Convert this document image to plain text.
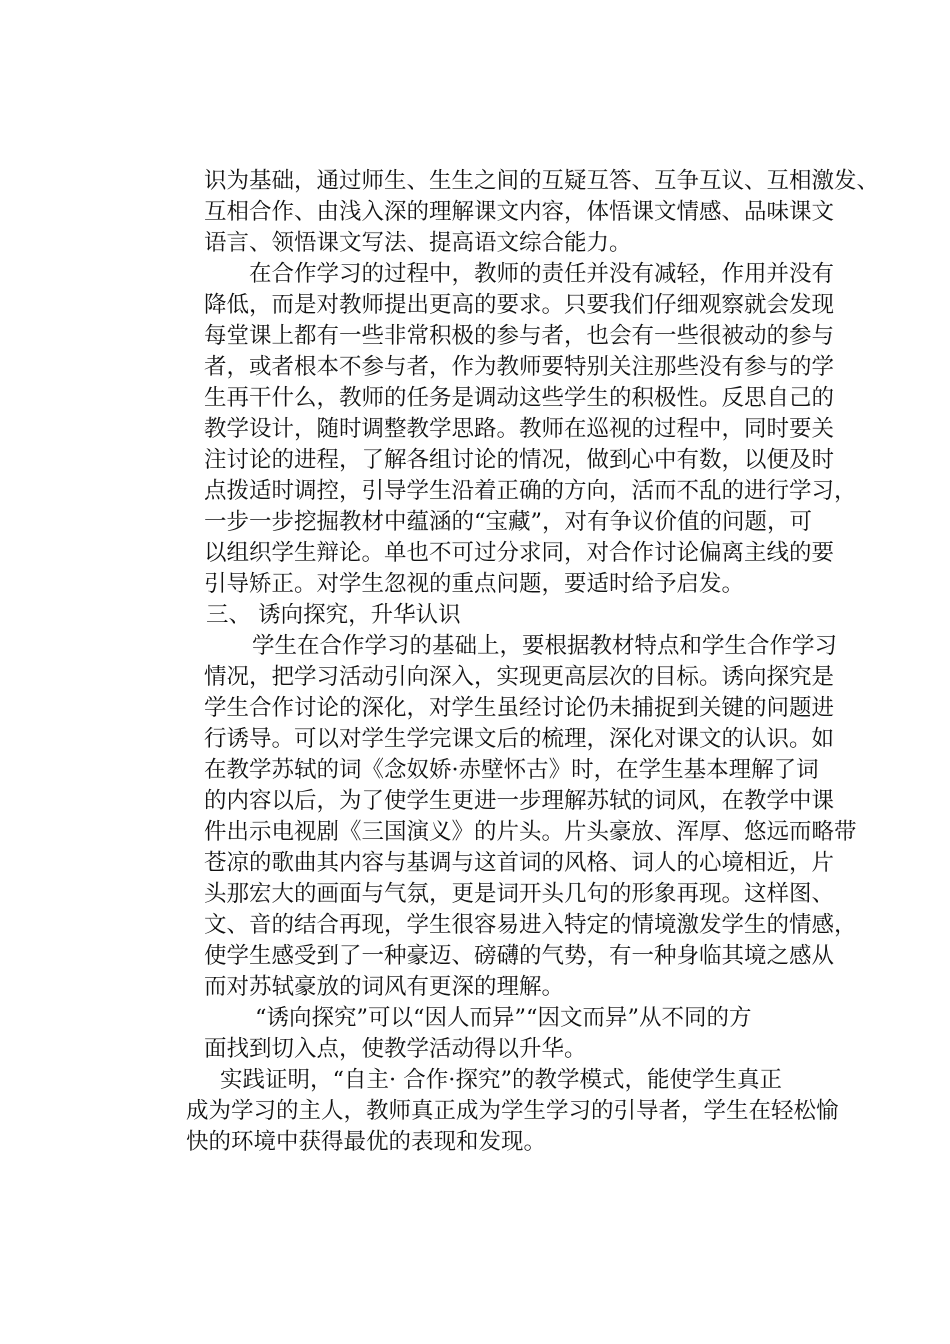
识为基础，通过师生、生生之间的互疑互答、互争互议、互相激发、
互相合作、由浅入深的理解课文内容，体悟课文情感、品味课文
语言、领悟课文写法、提高语文综合能力。
在合作学习的过程中，教师的责任并没有减轻，作用并没有
降低，而是对教师提出更高的要求。只要我们仔细观察就会发现
每堂课上都有一些非常积极的参与者，也会有一些很被动的参与
者，或者根本不参与者，作为教师要特别关注那些没有参与的学
生再干什么，教师的任务是调动这些学生的积极性。反思自己的
教学设计，随时调整教学思路。教师在巡视的过程中，同时要关
注讨论的进程，了解各组讨论的情况，做到心中有数，以便及时
点拨适时调控，引导学生沿着正确的方向，活而不乱的进行学习，
一步一步挖掘教材中蕴涵的“宝藏”，对有争议价值的问题，可
以组织学生辩论。单也不可过分求同，对合作讨论偏离主线的要
引导矫正。对学生忽视的重点问题，要适时给予启发。
三、 诱向探究，升华认识
学生在合作学习的基础上，要根据教材特点和学生合作学习
情况，把学习活动引向深入，实现更高层次的目标。诱向探究是
学生合作讨论的深化，对学生虽经讨论仍未捕捉到关键的问题进
行诱导。可以对学生学完课文后的梳理，深化对课文的认识。如
在教学苏轼的词《念奴娇·赤壁怀古》时，在学生基本理解了词
的内容以后，为了使学生更进一步理解苏轼的词风，在教学中课
件出示电视剧《三国演义》的片头。片头豪放、浑厚、悠远而略带
苍凉的歌曲其内容与基调与这首词的风格、词人的心境相近，片
头那宏大的画面与气氛，更是词开头几句的形象再现。这样图、
文、音的结合再现，学生很容易进入特定的情境激发学生的情感，
使学生感受到了一种豪迈、磅礴的气势，有一种身临其境之感从
而对苏轼豪放的词风有更深的理解。
“诱向探究”可以“因人而异”“因文而异”从不同的方
面找到切入点，使教学活动得以升华。
实践证明，“自主· 合作·探究”的教学模式，能使学生真正
成为学习的主人，教师真正成为学生学习的引导者，学生在轻松愉
快的环境中获得最优的表现和发现。
